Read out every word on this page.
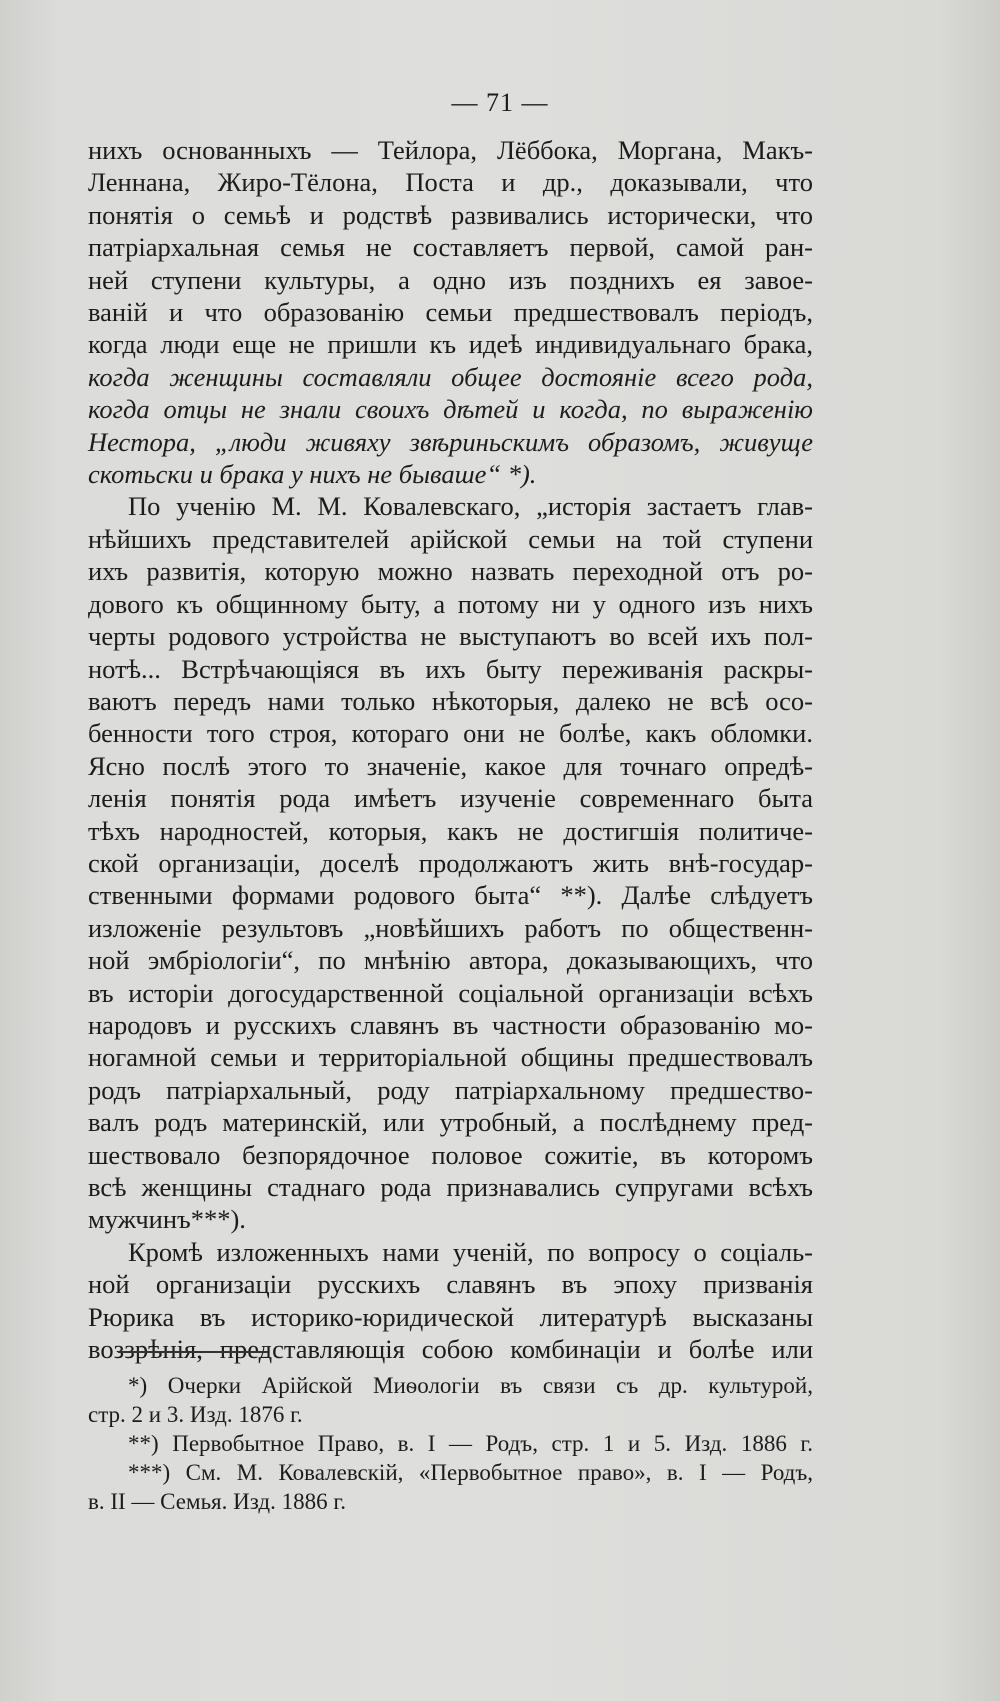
— 71 —
нихъ основанныхъ — Тейлора, Лёббока, Моргана, Макъ-
Леннана, Жиро-Тёлона, Поста и др., доказывали, что
понятія о семьѣ и родствѣ развивались исторически, что
патріархальная семья не составляетъ первой, самой ран-
ней ступени культуры, а одно изъ позднихъ ея завое-
ваній и что образованію семьи предшествовалъ періодъ,
когда люди еще не пришли къ идеѣ индивидуальнаго брака,
когда женщины составляли общее достояніе всего рода,
когда отцы не знали своихъ дѣтей и когда, по выраженію
Нестора, „люди живяху звѣриньскимъ образомъ, живуще
скотьски и брака у нихъ не бываше“ *).
По ученію М. М. Ковалевскаго, „исторія застаетъ глав-
нѣйшихъ представителей арійской семьи на той ступени
ихъ развитія, которую можно назвать переходной отъ ро-
дового къ общинному быту, а потому ни у одного изъ нихъ
черты родового устройства не выступаютъ во всей ихъ пол-
нотѣ... Встрѣчающіяся въ ихъ быту переживанія раскры-
ваютъ передъ нами только нѣкоторыя, далеко не всѣ осо-
бенности того строя, котораго они не болѣе, какъ обломки.
Ясно послѣ этого то значеніе, какое для точнаго опредѣ-
ленія понятія рода имѣетъ изученіе современнаго быта
тѣхъ народностей, которыя, какъ не достигшія политиче-
ской организаціи, доселѣ продолжаютъ жить внѣ-государ-
ственными формами родового быта“ **). Далѣе слѣдуетъ
изложеніе результовъ „новѣйшихъ работъ по общественн-
ной эмбріологіи“, по мнѣнію автора, доказывающихъ, что
въ исторіи догосударственной соціальной организаціи всѣхъ
народовъ и русскихъ славянъ въ частности образованію мо-
ногамной семьи и территоріальной общины предшествовалъ
родъ патріархальный, роду патріархальному предшество-
валъ родъ материнскій, или утробный, а послѣднему пред-
шествовало безпорядочное половое сожитіе, въ которомъ
всѣ женщины стаднаго рода признавались супругами всѣхъ
мужчинъ***).
Кромѣ изложенныхъ нами ученій, по вопросу о соціаль-
ной организаціи русскихъ славянъ въ эпоху призванія
Рюрика въ историко-юридической литературѣ высказаны
воззрѣнія, представляющія собою комбинаціи и болѣе или
*) Очерки Арійской Миѳологіи въ связи съ др. культурой,
стр. 2 и 3. Изд. 1876 г.
**) Первобытное Право, в. I — Родъ, стр. 1 и 5. Изд. 1886 г.
***) См. М. Ковалевскій, «Первобытное право», в. I — Родъ,
в. II — Семья. Изд. 1886 г.
